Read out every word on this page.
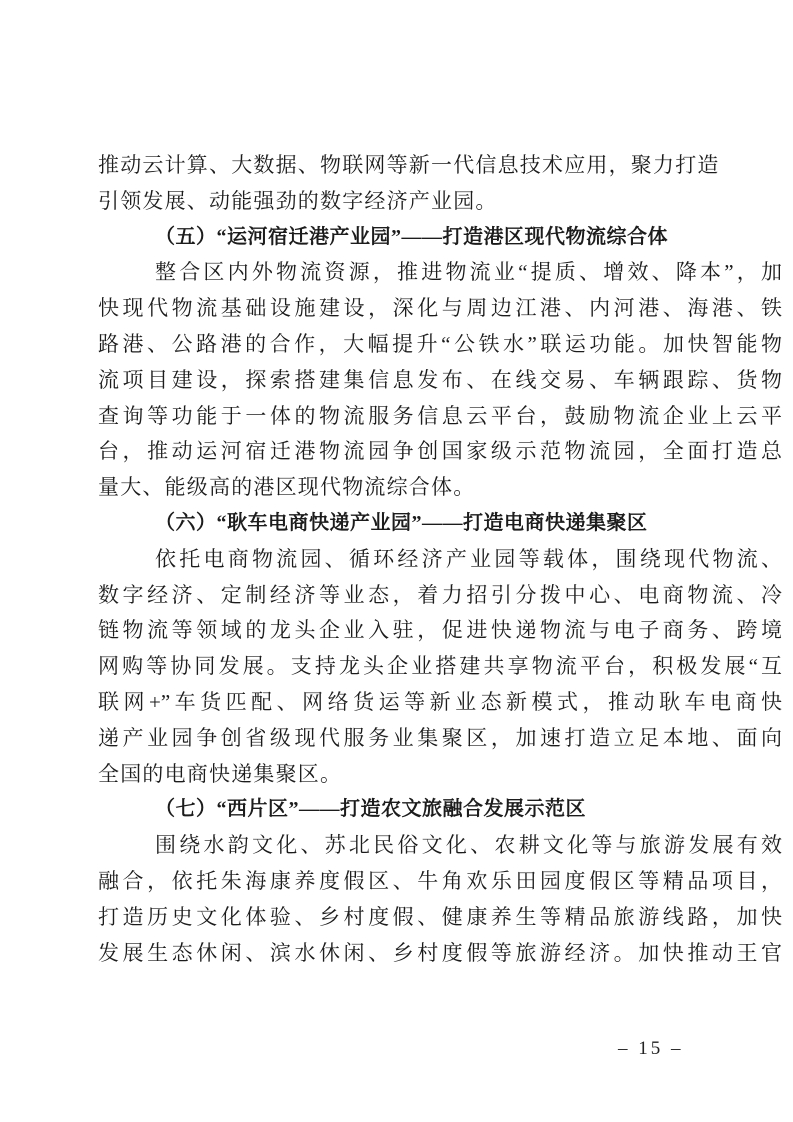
推动云计算、大数据、物联网等新一代信息技术应用，聚力打造
引领发展、动能强劲的数字经济产业园。
（五）“运河宿迁港产业园”——打造港区现代物流综合体
整合区内外物流资源，推进物流业“提质、增效、降本”，加
快现代物流基础设施建设，深化与周边江港、内河港、海港、铁
路港、公路港的合作，大幅提升“公铁水”联运功能。加快智能物
流项目建设，探索搭建集信息发布、在线交易、车辆跟踪、货物
查询等功能于一体的物流服务信息云平台，鼓励物流企业上云平
台，推动运河宿迁港物流园争创国家级示范物流园，全面打造总
量大、能级高的港区现代物流综合体。
（六）“耿车电商快递产业园”——打造电商快递集聚区
依托电商物流园、循环经济产业园等载体，围绕现代物流、
数字经济、定制经济等业态，着力招引分拨中心、电商物流、冷
链物流等领域的龙头企业入驻，促进快递物流与电子商务、跨境
网购等协同发展。支持龙头企业搭建共享物流平台，积极发展“互
联网+”车货匹配、网络货运等新业态新模式，推动耿车电商快
递产业园争创省级现代服务业集聚区，加速打造立足本地、面向
全国的电商快递集聚区。
（七）“西片区”——打造农文旅融合发展示范区
围绕水韵文化、苏北民俗文化、农耕文化等与旅游发展有效
融合，依托朱海康养度假区、牛角欢乐田园度假区等精品项目，
打造历史文化体验、乡村度假、健康养生等精品旅游线路，加快
发展生态休闲、滨水休闲、乡村度假等旅游经济。加快推动王官
– 15 –
